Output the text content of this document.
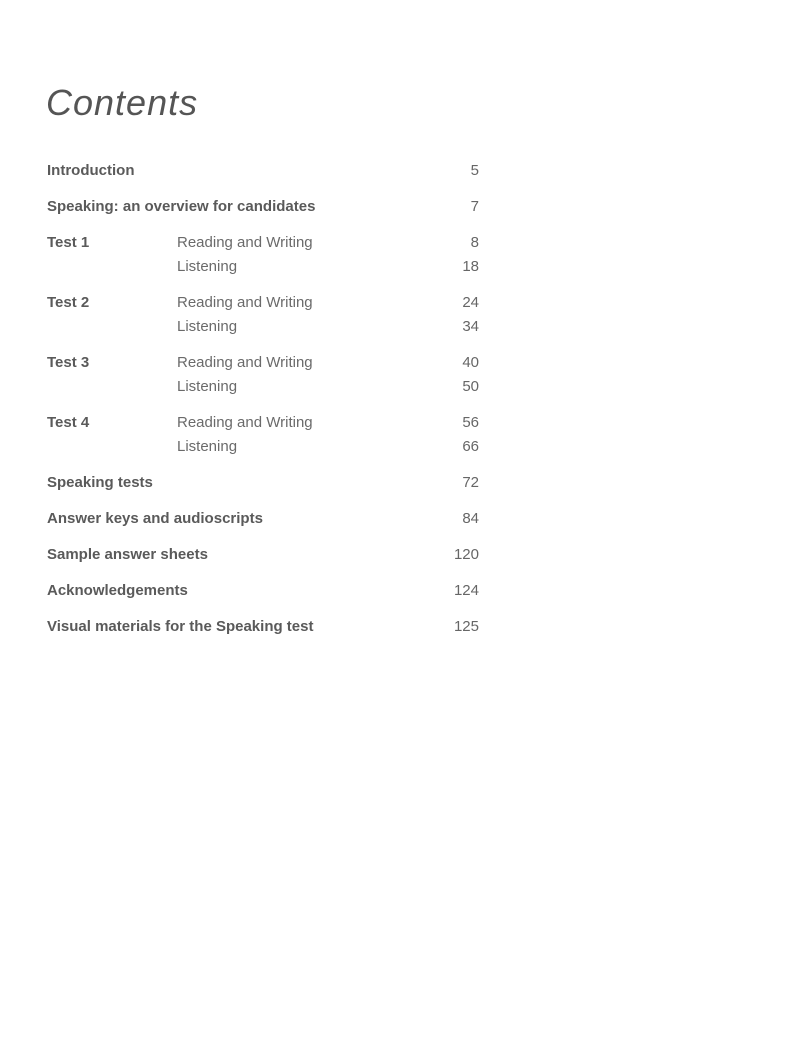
Contents
Introduction	5
Speaking: an overview for candidates	7
Test 1	Reading and Writing	8
Listening	18
Test 2	Reading and Writing	24
Listening	34
Test 3	Reading and Writing	40
Listening	50
Test 4	Reading and Writing	56
Listening	66
Speaking tests	72
Answer keys and audioscripts	84
Sample answer sheets	120
Acknowledgements	124
Visual materials for the Speaking test	125
